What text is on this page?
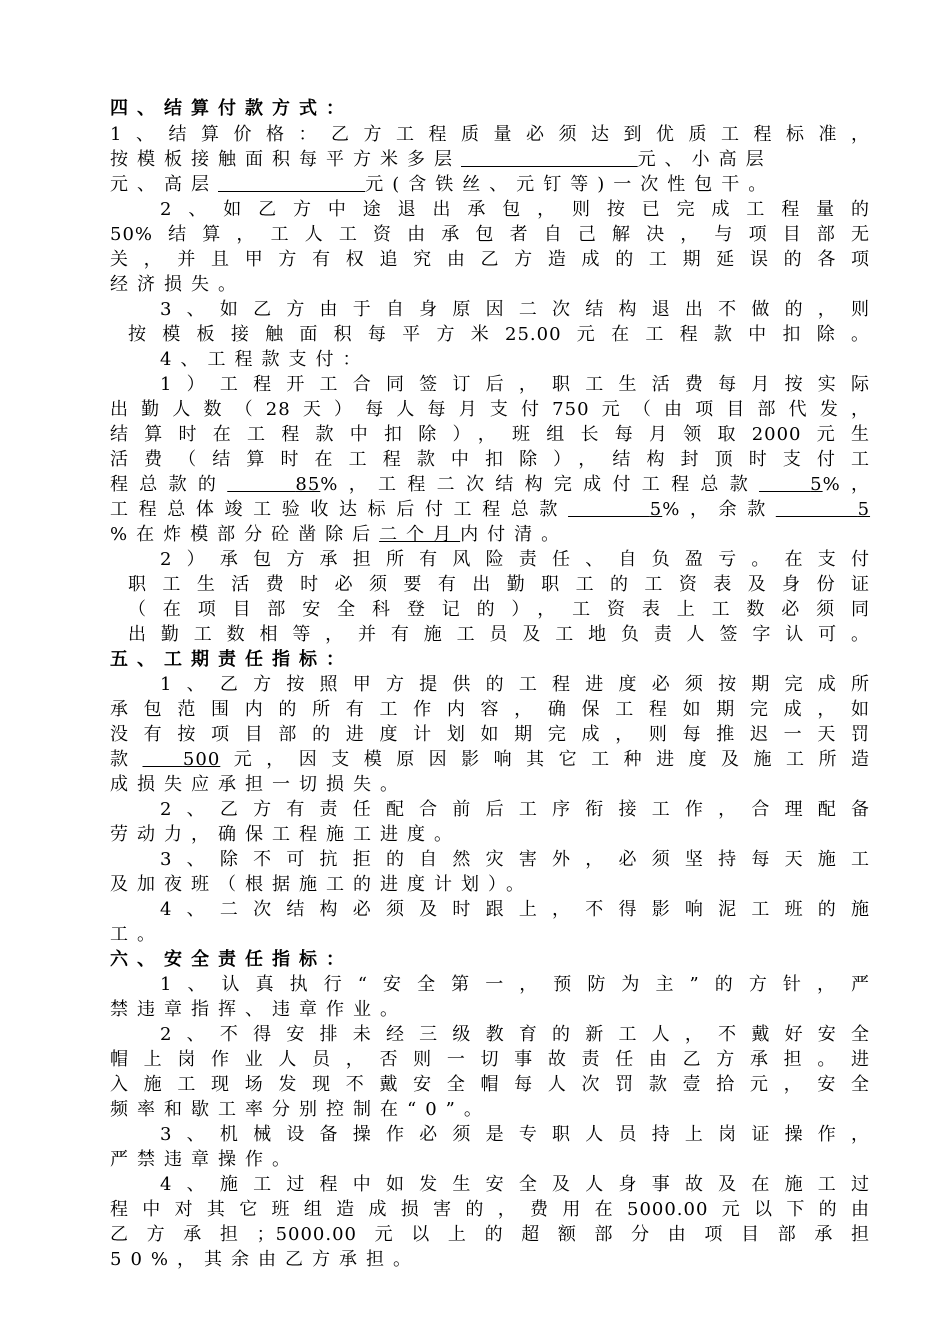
四、结算付款方式：
1、结算价格：乙方工程质量必须达到优质工程标准，
按模板接触面积每平方米多层	元、小高层
元、高层	元(含铁丝、元钉等)一次性包干。
2、如乙方中途退出承包，则按已完成工程量的
50%结算，工人工资由承包者自己解决，与项目部无
关，并且甲方有权追究由乙方造成的工期延误的各项
经济损失。
3、如乙方由于自身原因二次结构退出不做的，则
按模板接触面积每平方米25.00元在工程款中扣除。
4、工程款支付：
1）工程开工合同签订后，职工生活费每月按实际
出勤人数（28天）每人每月支付750元（由项目部代发，
结算时在工程款中扣除），班组长每月领取2000元生
活费（结算时在工程款中扣除），结构封顶时支付工
程总款的	85%，工程二次结构完成付工程总款	5%，
工程总体竣工验收达标后付工程总款	5%，余款	5
%在炸模部分砼凿除后二个月内付清。
2）承包方承担所有风险责任、自负盈亏。在支付
职工生活费时必须要有出勤职工的工资表及身份证
（在项目部安全科登记的），工资表上工数必须同
出勤工数相等，并有施工员及工地负责人签字认可。
五、工期责任指标：
1、乙方按照甲方提供的工程进度必须按期完成所
承包范围内的所有工作内容，确保工程如期完成，如
没有按项目部的进度计划如期完成，则每推迟一天罚
款 500元，因支模原因影响其它工种进度及施工所造
成损失应承担一切损失。
2、乙方有责任配合前后工序衔接工作，合理配备
劳动力，确保工程施工进度。
3、除不可抗拒的自然灾害外，必须坚持每天施工
及加夜班（根据施工的进度计划）。
4、二次结构必须及时跟上，不得影响泥工班的施
工。
六、安全责任指标：
1、认真执行“安全第一，预防为主”的方针，严
禁违章指挥、违章作业。
2、不得安排未经三级教育的新工人，不戴好安全
帽上岗作业人员，否则一切事故责任由乙方承担。进
入施工现场发现不戴安全帽每人次罚款壹拾元，安全
频率和歇工率分别控制在“0”。
3、机械设备操作必须是专职人员持上岗证操作，
严禁违章操作。
4、施工过程中如发生安全及人身事故及在施工过
程中对其它班组造成损害的，费用在5000.00元以下的由
乙方承担；5000.00元以上的超额部分由项目部承担
50%，其余由乙方承担。
